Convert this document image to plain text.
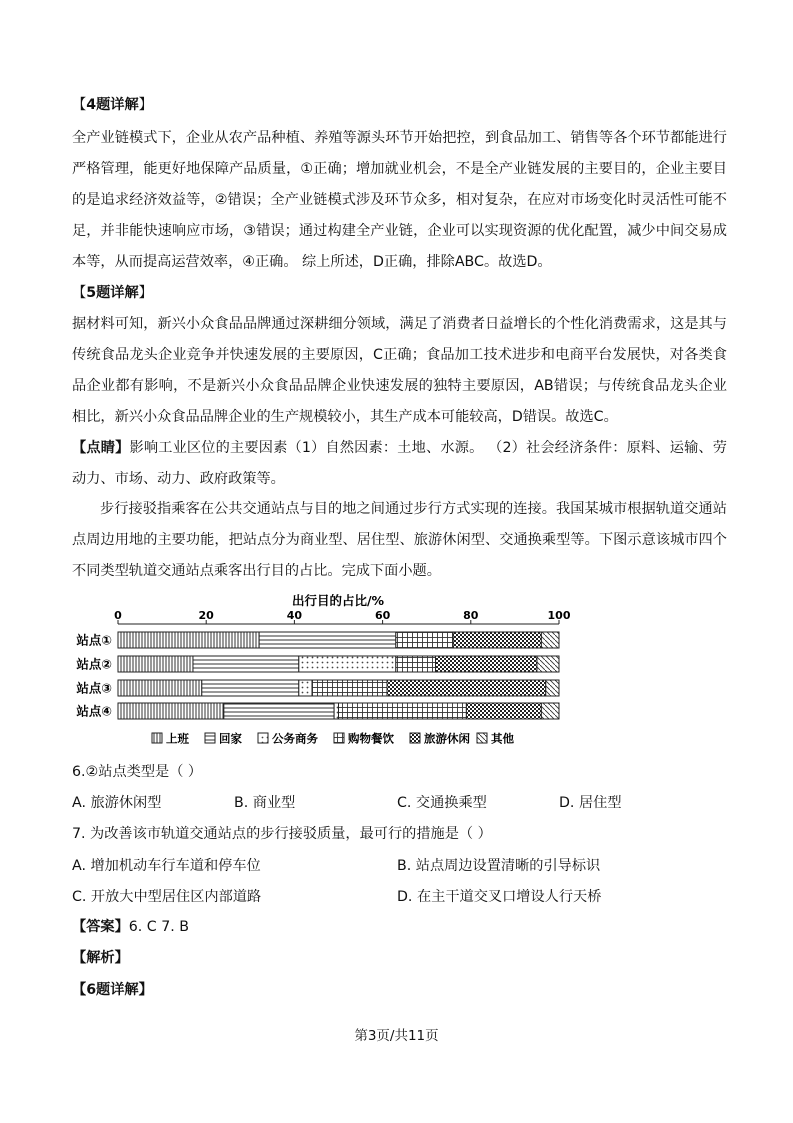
【4题详解】

全产业链模式下，企业从农产品种植、养殖等源头环节开始把控，到食品加工、销售等各个环节都能进行严格管理，能更好地保障产品质量，①正确；增加就业机会，不是全产业链发展的主要目的，企业主要目的是追求经济效益等，②错误；全产业链模式涉及环节众多，相对复杂，在应对市场变化时灵活性可能不足，并非能快速响应市场，③错误；通过构建全产业链，企业可以实现资源的优化配置，减少中间交易成本等，从而提高运营效率，④正确。 综上所述，D正确，排除ABC。故选D。

【5题详解】

据材料可知，新兴小众食品品牌通过深耕细分领域，满足了消费者日益增长的个性化消费需求，这是其与传统食品龙头企业竞争并快速发展的主要原因，C正确；食品加工技术进步和电商平台发展快，对各类食品企业都有影响，不是新兴小众食品品牌企业快速发展的独特主要原因，AB错误；与传统食品龙头企业相比，新兴小众食品品牌企业的生产规模较小，其生产成本可能较高，D错误。故选C。

【点睛】影响工业区位的主要因素（1）自然因素：土地、水源。 （2）社会经济条件：原料、运输、劳动力、市场、动力、政府政策等。

步行接驳指乘客在公共交通站点与目的地之间通过步行方式实现的连接。我国某城市根据轨道交通站点周边用地的主要功能，把站点分为商业型、居住型、旅游休闲型、交通换乘型等。下图示意该城市四个不同类型轨道交通站点乘客出行目的占比。完成下面小题。

出行目的占比/%
0	20	40	60	80	100
站点①
站点②
站点③
站点④
上班	回家	公务商务	购物餐饮	旅游休闲 其他
6.②站点类型是（ ）
A. 旅游休闲型	B. 商业型	C. 交通换乘型	D. 居住型
7. 为改善该市轨道交通站点的步行接驳质量，最可行的措施是（ ）
A. 增加机动车行车道和停车位	B. 站点周边设置清晰的引导标识
C. 开放大中型居住区内部道路	D. 在主干道交叉口增设人行天桥
【答案】6. C 7. B
【解析】
【6题详解】
第3页/共11页
